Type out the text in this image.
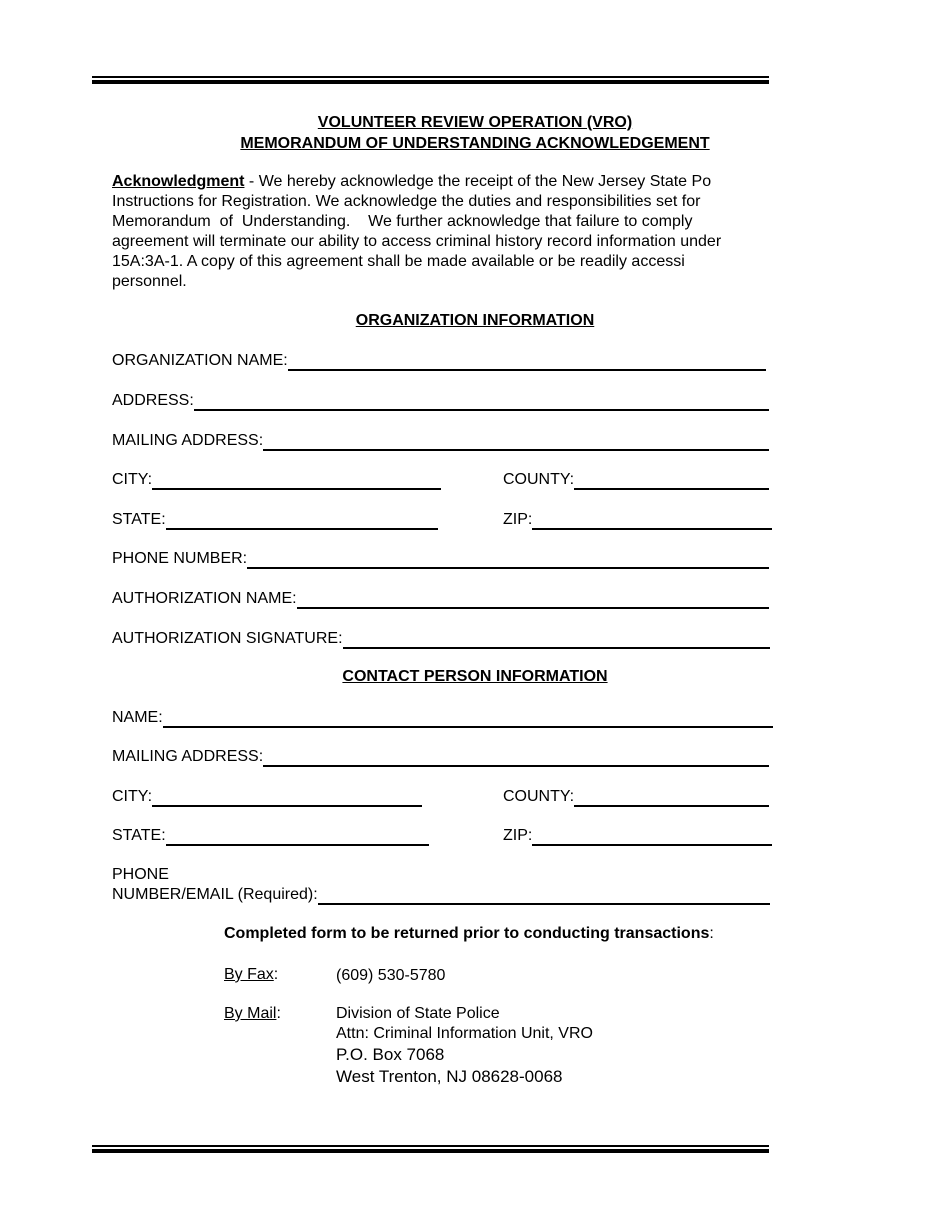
VOLUNTEER REVIEW OPERATION (VRO)
MEMORANDUM OF UNDERSTANDING ACKNOWLEDGEMENT
Acknowledgment - We hereby acknowledge the receipt of the New Jersey State Po
Instructions for Registration. We acknowledge the duties and responsibilities set for
Memorandum  of  Understanding.    We further acknowledge that failure to comply
agreement will terminate our ability to access criminal history record information under
15A:3A-1. A copy of this agreement shall be made available or be readily accessi
personnel.
ORGANIZATION INFORMATION
ORGANIZATION NAME:
ADDRESS:
MAILING ADDRESS:
CITY:	COUNTY:
STATE:	ZIP:
PHONE NUMBER:
AUTHORIZATION NAME:
AUTHORIZATION SIGNATURE:
CONTACT PERSON INFORMATION
NAME:
MAILING ADDRESS:
CITY:	COUNTY:
STATE:	ZIP:
PHONE
NUMBER/EMAIL (Required):
Completed form to be returned prior to conducting transactions:
By Fax:	(609) 530-5780
By Mail:	Division of State Police
Attn: Criminal Information Unit, VRO
P.O. Box 7068
West Trenton, NJ 08628-0068
